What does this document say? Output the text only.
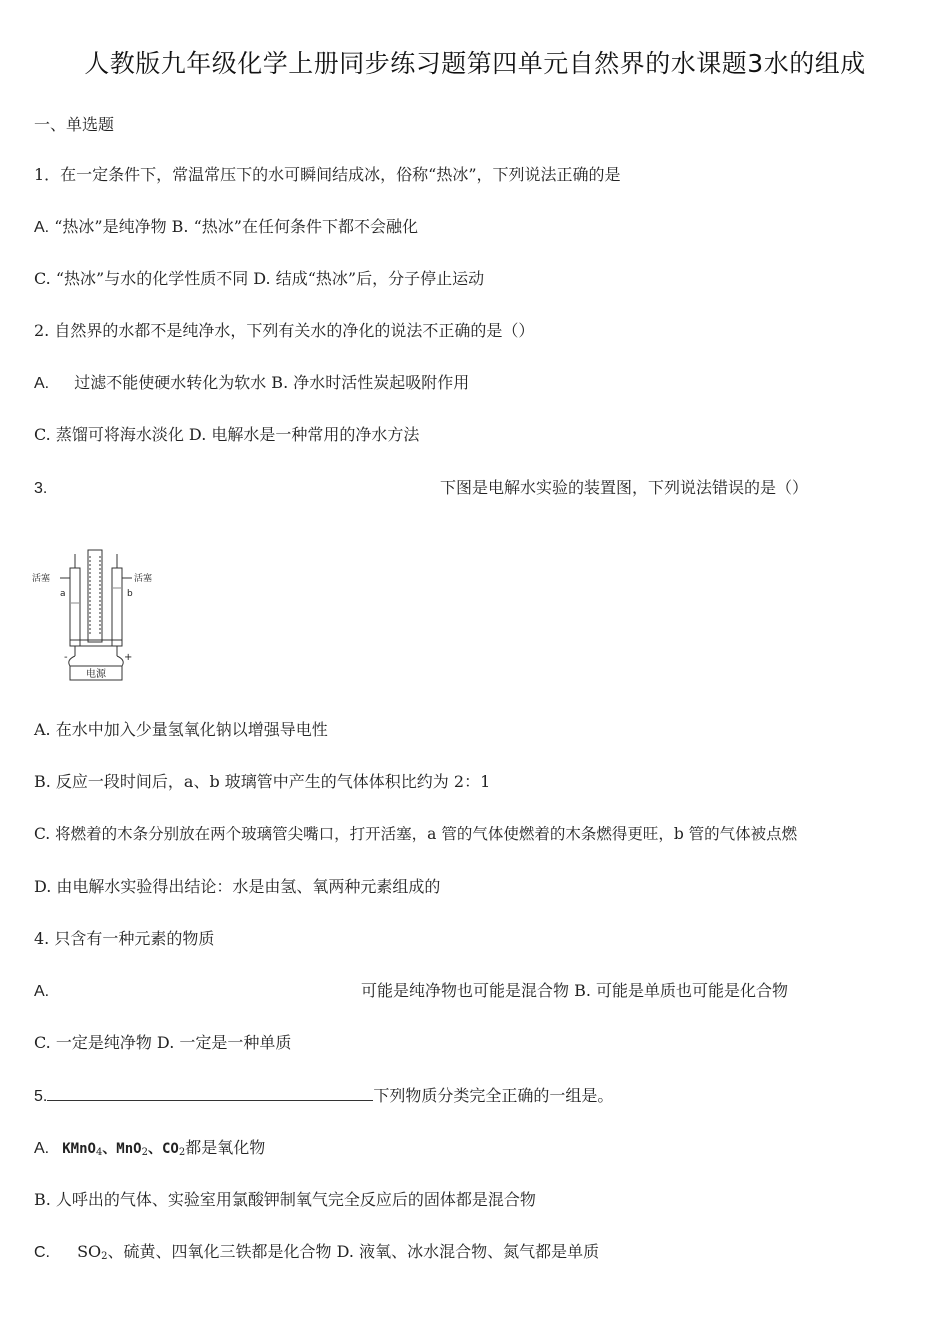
人教版九年级化学上册同步练习题第四单元自然界的水课题3水的组成
一、单选题
1．在一定条件下，常温常压下的水可瞬间结成冰，俗称“热冰”，下列说法正确的是
A. “热冰”是纯净物 B. “热冰”在任何条件下都不会融化
C. “热冰”与水的化学性质不同 D. 结成“热冰”后，分子停止运动
2. 自然界的水都不是纯净水，下列有关水的净化的说法不正确的是（）
A. 过滤不能使硬水转化为软水 B. 净水时活性炭起吸附作用
C. 蒸馏可将海水淡化 D. 电解水是一种常用的净水方法
3.	下图是电解水实验的装置图，下列说法错误的是（）
活塞	活塞
a	b
-	+
电源
A. 在水中加入少量氢氧化钠以增强导电性
B. 反应一段时间后，a、b 玻璃管中产生的气体体积比约为 2：1
C. 将燃着的木条分别放在两个玻璃管尖嘴口，打开活塞，a 管的气体使燃着的木条燃得更旺，b 管的气体被点燃
D. 由电解水实验得出结论：水是由氢、氧两种元素组成的
4. 只含有一种元素的物质
A.	可能是纯净物也可能是混合物 B. 可能是单质也可能是化合物
C. 一定是纯净物 D. 一定是一种单质
5.	下列物质分类完全正确的一组是。
A. KMnO$_4$、MnO$_2$、$CO_2$都是氧化物
B. 人呼出的气体、实验室用氯酸钾制氧气完全反应后的固体都是混合物
C. $SO_2$、硫黄、四氧化三铁都是化合物 D. 液氧、冰水混合物、氮气都是单质
